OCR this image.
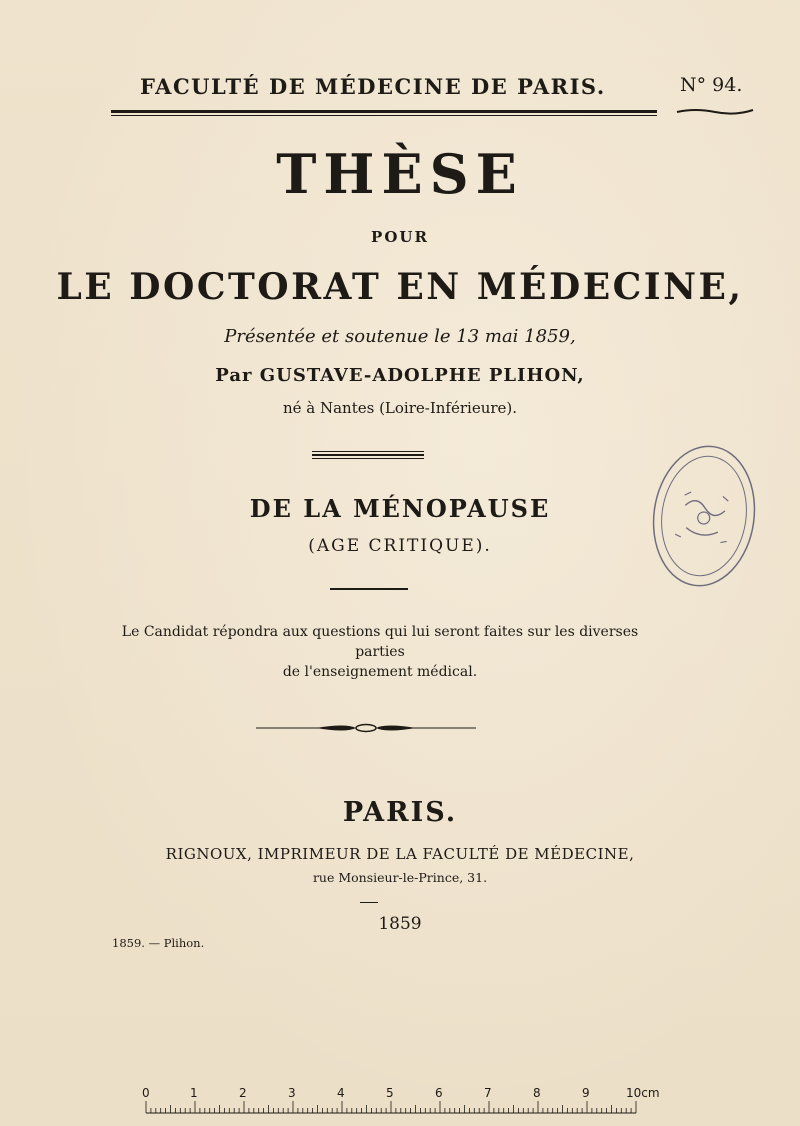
FACULTÉ DE MÉDECINE DE PARIS.	N° 94.
THÈSE
POUR
LE DOCTORAT EN MÉDECINE,
Présentée et soutenue le 13 mai 1859,
Par GUSTAVE-ADOLPHE PLIHON,
né à Nantes (Loire-Inférieure).
DE LA MÉNOPAUSE
(AGE CRITIQUE).
Le Candidat répondra aux questions qui lui seront faites sur les diverses parties
de l'enseignement médical.
PARIS.
RIGNOUX, IMPRIMEUR DE LA FACULTÉ DE MÉDECINE,
rue Monsieur-le-Prince, 31.
1859
1859. — Plihon.
0	1	2	3	4	5	6	7	8	9	10cm
